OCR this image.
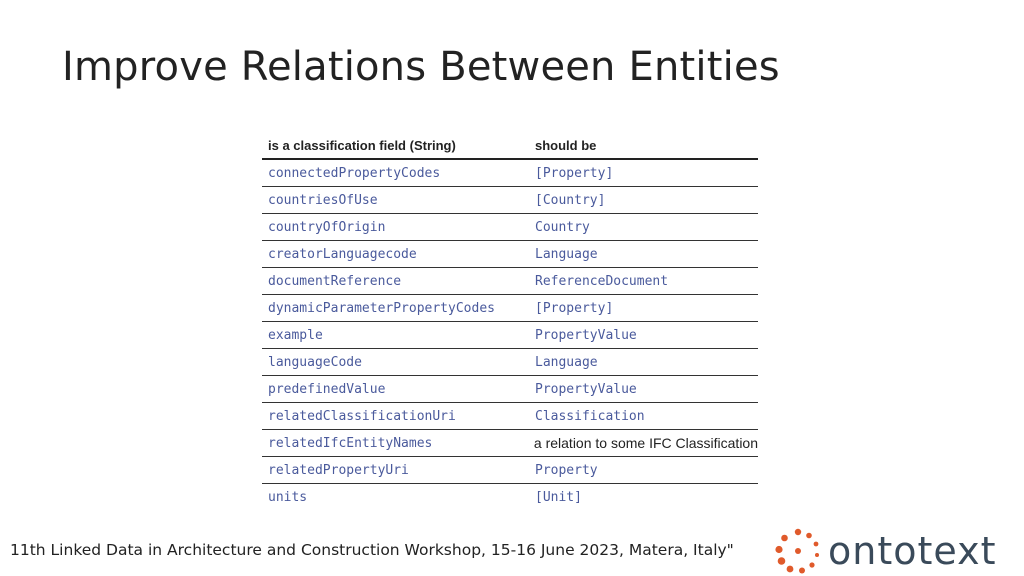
Improve Relations Between Entities
is a classification field (String)	should be
connectedPropertyCodes	[Property]
countriesOfUse	[Country]
countryOfOrigin	Country
creatorLanguagecode	Language
documentReference	ReferenceDocument
dynamicParameterPropertyCodes	[Property]
example	PropertyValue
languageCode	Language
predefinedValue	PropertyValue
relatedClassificationUri	Classification
relatedIfcEntityNames	a relation to some IFC Classification
relatedPropertyUri	Property
units	[Unit]
11th Linked Data in Architecture and Construction Workshop, 15-16 June 2023, Matera, Italy" ontotext
